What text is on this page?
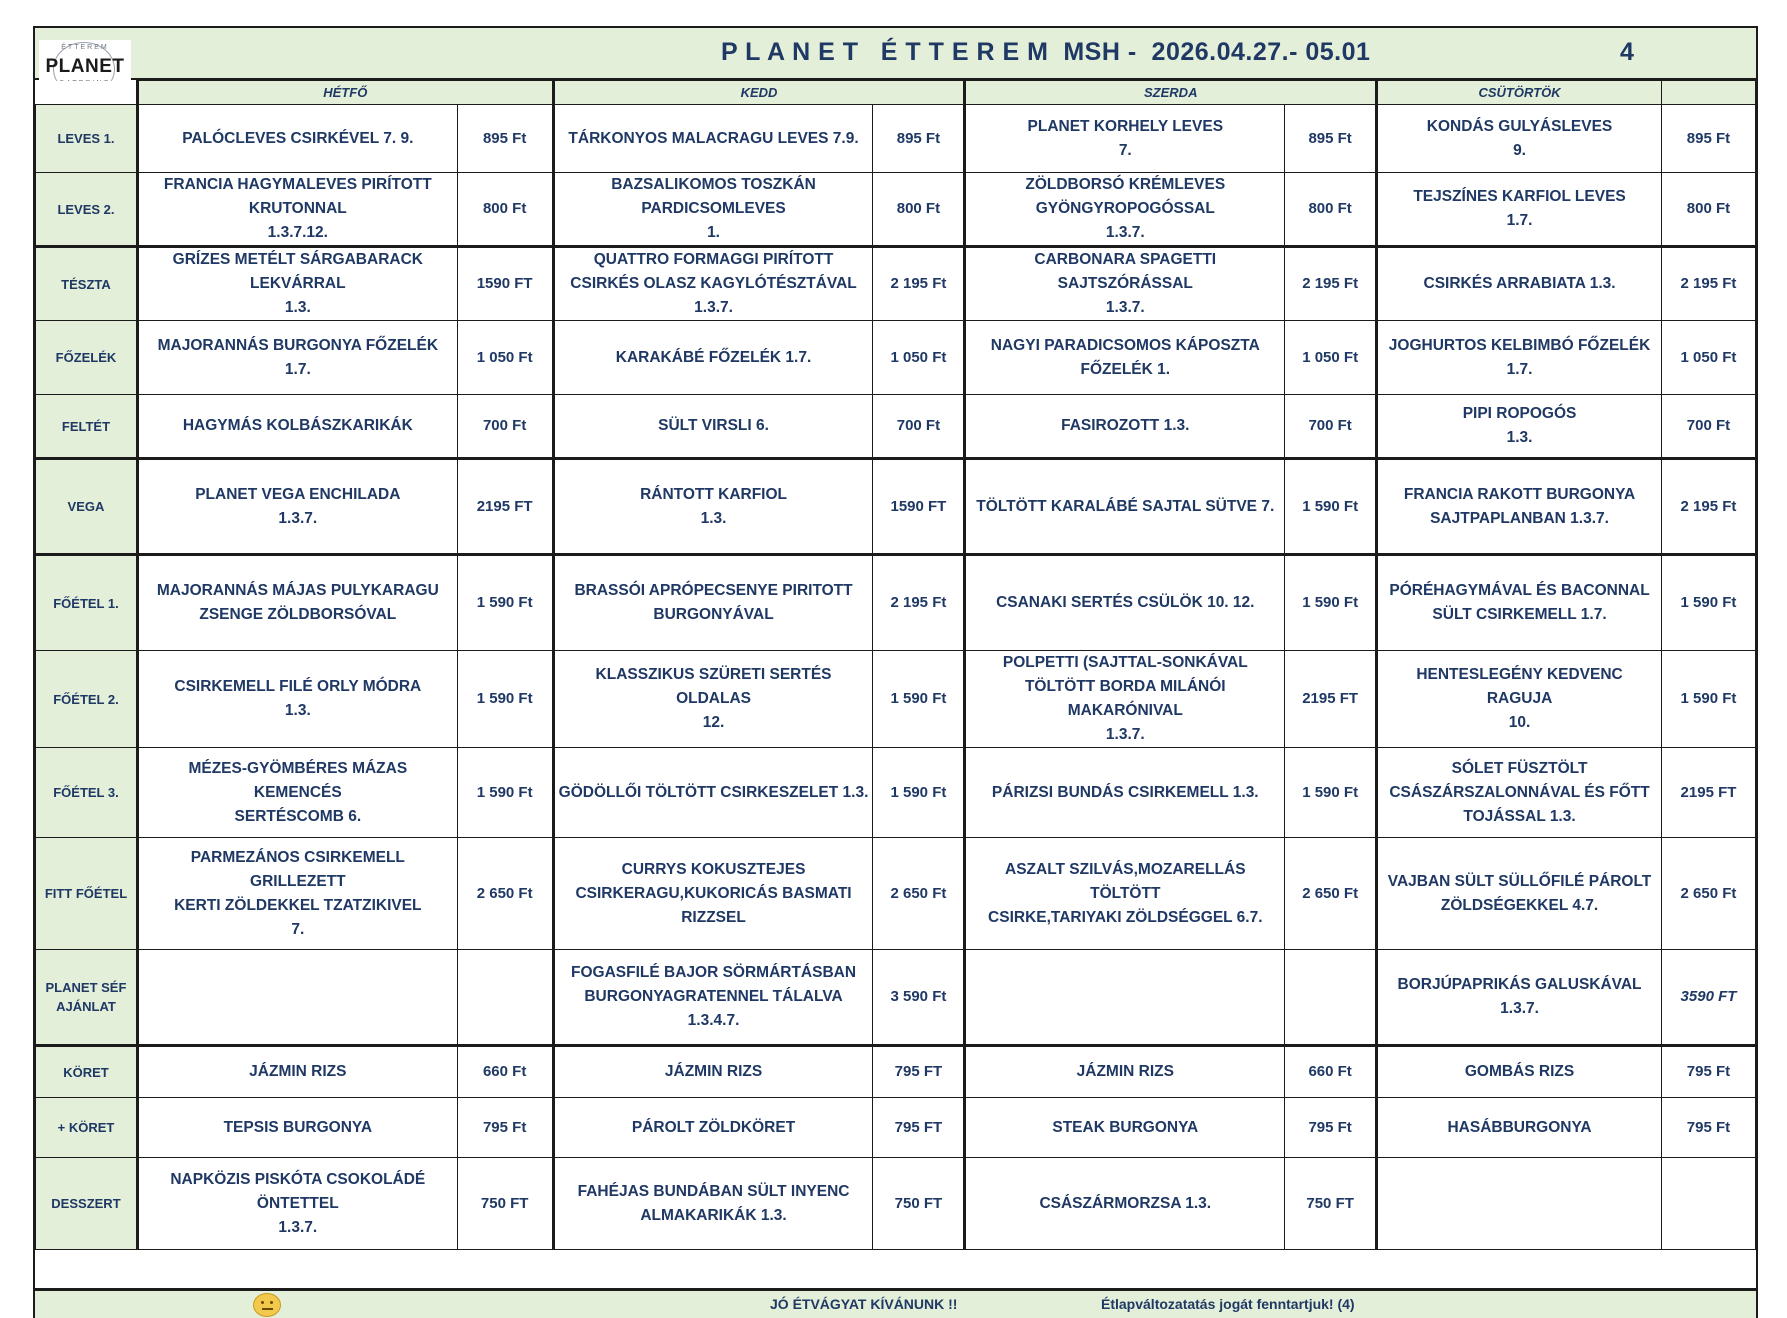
ÉTTEREM
PLANET
P L A N E T   É T T E R E M  MSH -  2026.04.27.- 05.01	4
	HÉTFŐ		KEDD		SZERDA		CSÜTÖRTÖK	

LEVES 1.	PALÓCLEVES CSIRKÉVEL 7. 9.	895 Ft	TÁRKONYOS MALACRAGU LEVES 7.9.	895 Ft	PLANET KORHELY LEVES
7.	895 Ft	KONDÁS GULYÁSLEVES
9.	895 Ft

LEVES 2.	FRANCIA HAGYMALEVES PIRÍTOTT
KRUTONNAL
1.3.7.12.	800 Ft	BAZSALIKOMOS TOSZKÁN
PARDICSOMLEVES
1.	800 Ft	ZÖLDBORSÓ KRÉMLEVES
GYÖNGYROPOGÓSSAL
1.3.7.	800 Ft	TEJSZÍNES KARFIOL LEVES
1.7.	800 Ft

TÉSZTA	GRÍZES METÉLT SÁRGABARACK
LEKVÁRRAL
1.3.	1590 FT	QUATTRO FORMAGGI PIRÍTOTT
CSIRKÉS OLASZ KAGYLÓTÉSZTÁVAL
1.3.7.	2 195 Ft	CARBONARA SPAGETTI SAJTSZÓRÁSSAL
1.3.7.	2 195 Ft	CSIRKÉS ARRABIATA 1.3.	2 195 Ft

FŐZELÉK	MAJORANNÁS BURGONYA FŐZELÉK
1.7.	1 050 Ft	KARAKÁBÉ FŐZELÉK 1.7.	1 050 Ft	NAGYI PARADICSOMOS KÁPOSZTA
FŐZELÉK 1.	1 050 Ft	JOGHURTOS KELBIMBÓ FŐZELÉK
1.7.	1 050 Ft

FELTÉT	HAGYMÁS KOLBÁSZKARIKÁK	700 Ft	SÜLT VIRSLI 6.	700 Ft	FASIROZOTT 1.3.	700 Ft	PIPI ROPOGÓS
1.3.	700 Ft

VEGA	PLANET VEGA ENCHILADA
1.3.7.	2195 FT	RÁNTOTT KARFIOL
1.3.	1590 FT	TÖLTÖTT KARALÁBÉ SAJTAL SÜTVE 7.	1 590 Ft	FRANCIA RAKOTT BURGONYA
SAJTPAPLANBAN 1.3.7.	2 195 Ft

FŐÉTEL 1.	MAJORANNÁS MÁJAS PULYKARAGU
ZSENGE ZÖLDBORSÓVAL	1 590 Ft	BRASSÓI APRÓPECSENYE PIRITOTT
BURGONYÁVAL	2 195 Ft	CSANAKI SERTÉS CSÜLÖK 10. 12.	1 590 Ft	PÓRÉHAGYMÁVAL ÉS BACONNAL
SÜLT CSIRKEMELL 1.7.	1 590 Ft

FŐÉTEL 2.	CSIRKEMELL FILÉ ORLY MÓDRA
1.3.	1 590 Ft	KLASSZIKUS SZÜRETI SERTÉS OLDALAS
12.	1 590 Ft	POLPETTI (SAJTTAL-SONKÁVAL
TÖLTÖTT BORDA MILÁNÓI
MAKARÓNIVAL
1.3.7.	2195 FT	HENTESLEGÉNY KEDVENC RAGUJA
10.	1 590 Ft

FŐÉTEL 3.	MÉZES-GYÖMBÉRES MÁZAS KEMENCÉS
SERTÉSCOMB 6.	1 590 Ft	GÖDÖLLŐI TÖLTÖTT CSIRKESZELET 1.3.	1 590 Ft	PÁRIZSI BUNDÁS CSIRKEMELL 1.3.	1 590 Ft	SÓLET FÜSZTÖLT
CSÁSZÁRSZALONNÁVAL ÉS FŐTT
TOJÁSSAL 1.3.	2195 FT

FITT FŐÉTEL	PARMEZÁNOS CSIRKEMELL GRILLEZETT
KERTI ZÖLDEKKEL TZATZIKIVEL
7.	2 650 Ft	CURRYS KOKUSZTEJES
CSIRKERAGU,KUKORICÁS BASMATI
RIZZSEL	2 650 Ft	ASZALT SZILVÁS,MOZARELLÁS TÖLTÖTT
CSIRKE,TARIYAKI ZÖLDSÉGGEL 6.7.	2 650 Ft	VAJBAN SÜLT SÜLLŐFILÉ PÁROLT
ZÖLDSÉGEKKEL 4.7.	2 650 Ft

PLANET SÉF
AJÁNLAT			FOGASFILÉ BAJOR SÖRMÁRTÁSBAN
BURGONYAGRATENNEL TÁLALVA
1.3.4.7.	3 590 Ft			BORJÚPAPRIKÁS GALUSKÁVAL
1.3.7.	3590 FT

KÖRET	JÁZMIN RIZS	660 Ft	JÁZMIN RIZS	795 FT	JÁZMIN RIZS	660 Ft	GOMBÁS RIZS	795 Ft

+ KÖRET	TEPSIS BURGONYA	795 Ft	PÁROLT ZÖLDKÖRET	795 FT	STEAK BURGONYA	795 Ft	HASÁBBURGONYA	795 Ft

DESSZERT	NAPKÖZIS PISKÓTA CSOKOLÁDÉ
ÖNTETTEL
1.3.7.	750 FT	FAHÉJAS BUNDÁBAN SÜLT INYENC
ALMAKARIKÁK 1.3.	750 FT	CSÁSZÁRMORZSA 1.3.	750 FT		
JÓ ÉTVÁGYAT KÍVÁNUNK !!	Étlapváltozatatás jogát fenntartjuk! (4)
